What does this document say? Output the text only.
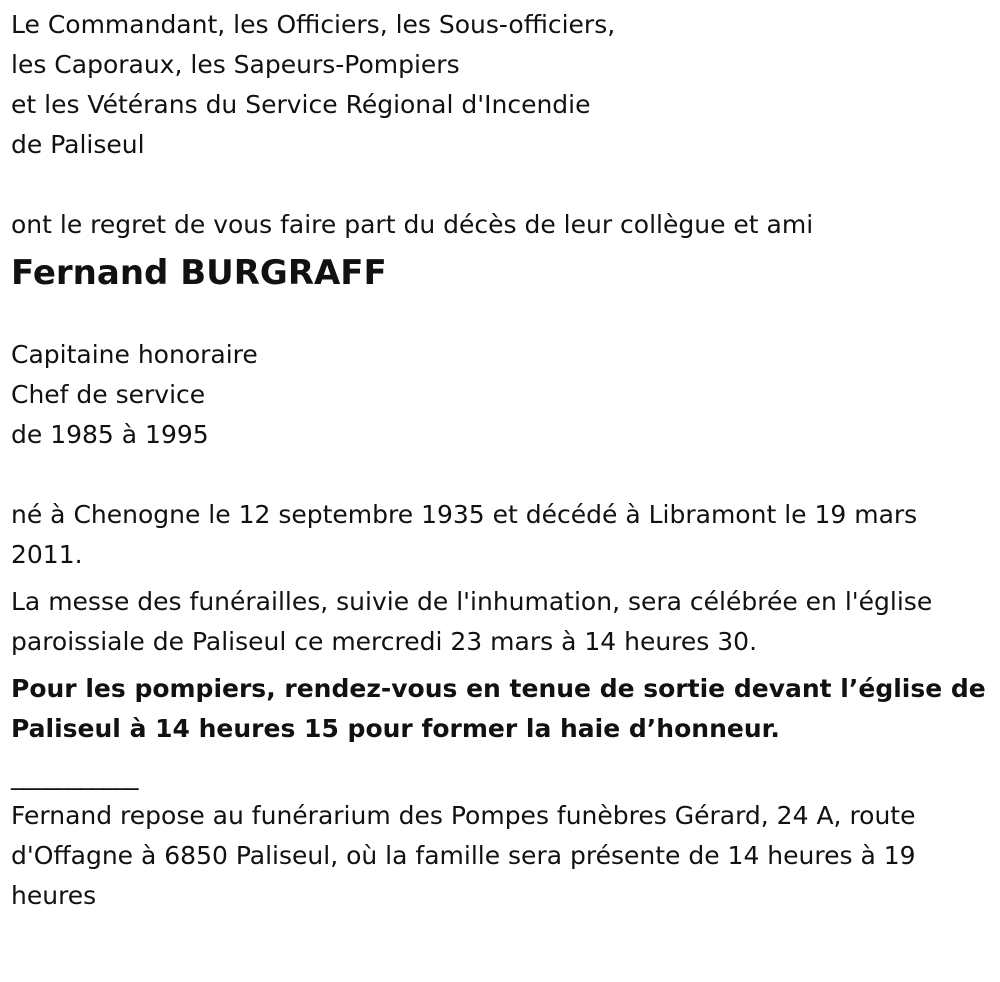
Le Commandant, les Officiers, les Sous-officiers,
les Caporaux, les Sapeurs-Pompiers
et les Vétérans du Service Régional d'Incendie
de Paliseul
ont le regret de vous faire part du décès de leur collègue et ami
Fernand BURGRAFF
Capitaine honoraire
Chef de service
de 1985 à 1995
né à Chenogne le 12 septembre 1935 et décédé à Libramont le 19 mars 2011.
La messe des funérailles, suivie de l'inhumation, sera célébrée en l'église paroissiale de Paliseul ce mercredi 23 mars à 14 heures 30.
Pour les pompiers, rendez-vous en tenue de sortie devant l’église de Paliseul à 14 heures 15 pour former la haie d’honneur.
___________
Fernand repose au funérarium des Pompes funèbres Gérard, 24 A, route d'Offagne à 6850 Paliseul, où la famille sera présente de 14 heures à 19 heures
